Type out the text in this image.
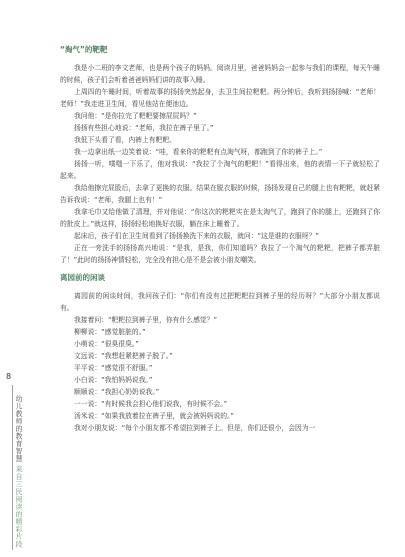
8
幼儿教师的教育智慧 来自三民阅读的精彩片段
“淘气”的靶靶

我是小二班的李文老师，也是两个孩子的妈妈。阅读月里，爸爸妈妈会一起参与我们的课程，每天午睡的时候，孩子们会听着爸爸妈妈们讲的故事入睡。

上周四的午睡时间，听着故事的扬扬突然起身，去卫生间拉粑粑。两分钟后，我听到扬扬喊：“老师！老师！”我走进卫生间，看见他站在便池边。

我问他：“是你拉完了粑粑要擦屁屁吗？”

扬扬有些担心地说：“老师，我拉在裤子里了。”

我低下头看了看，内裤上有粑粑。

我一边拿出纸一边笑着说：“哇，看来你的粑粑有点淘气呀，都跑到了你的裤子上。”

扬扬一听，噗嗤一下乐了，他对我说：“我拉了个淘气的粑粑！”看得出来，他的表情一下子就轻松了起来。

我给他擦完屁股后，去拿了更换的衣服。结果在脱衣服的时候，扬扬发现自己的腿上也有粑粑，就赶紧告诉我说：“老师，我腿上也有！”

我拿毛巾又给他做了清理，并对他说：“你这次的粑粑实在是太淘气了，跑到了你的腿上，还跑到了你的批皮上。”就这样，扬扬轻松地换好衣服，躺在床上睡着了。

起床后，孩子们在卫生间看到了扬扬换洗下来的衣服，就问：“这是谁的衣服呀？”

正在一旁洗手的扬扬高兴地说：“是我，是我，你们知道吗？我拉了一个淘气的粑粑，把裤子都弄脏了！”此时的扬扬神情轻松，完全没有担心是不是会被小朋友嘲笑。

离园前的闲谈

离园前的闲谈时间，我问孩子们：“你们有没有过把粑粑拉到裤子里的经历呀？”大部分小朋友都说有。

我接着问：“粑粑拉到裤子里，你有什么感觉？”

柳柳说：“感觉脏脏的。”

小萌说：“很臭很臭。”

文远说：“我想赶紧把裤子脱了。”

平平说：“感觉很不舒服。”

小白说：“我怕妈妈说我。”

顺顺说：“我担心奶奶说我。”

一一说：“有时候我会担心他们说我，有时候不会。”

汤米说：“如果我放着拉在裤子里，就会被妈妈说的。”

我对小朋友说：“每个小朋友都不希望拉到裤子上。但是，你们还很小，会因为一
